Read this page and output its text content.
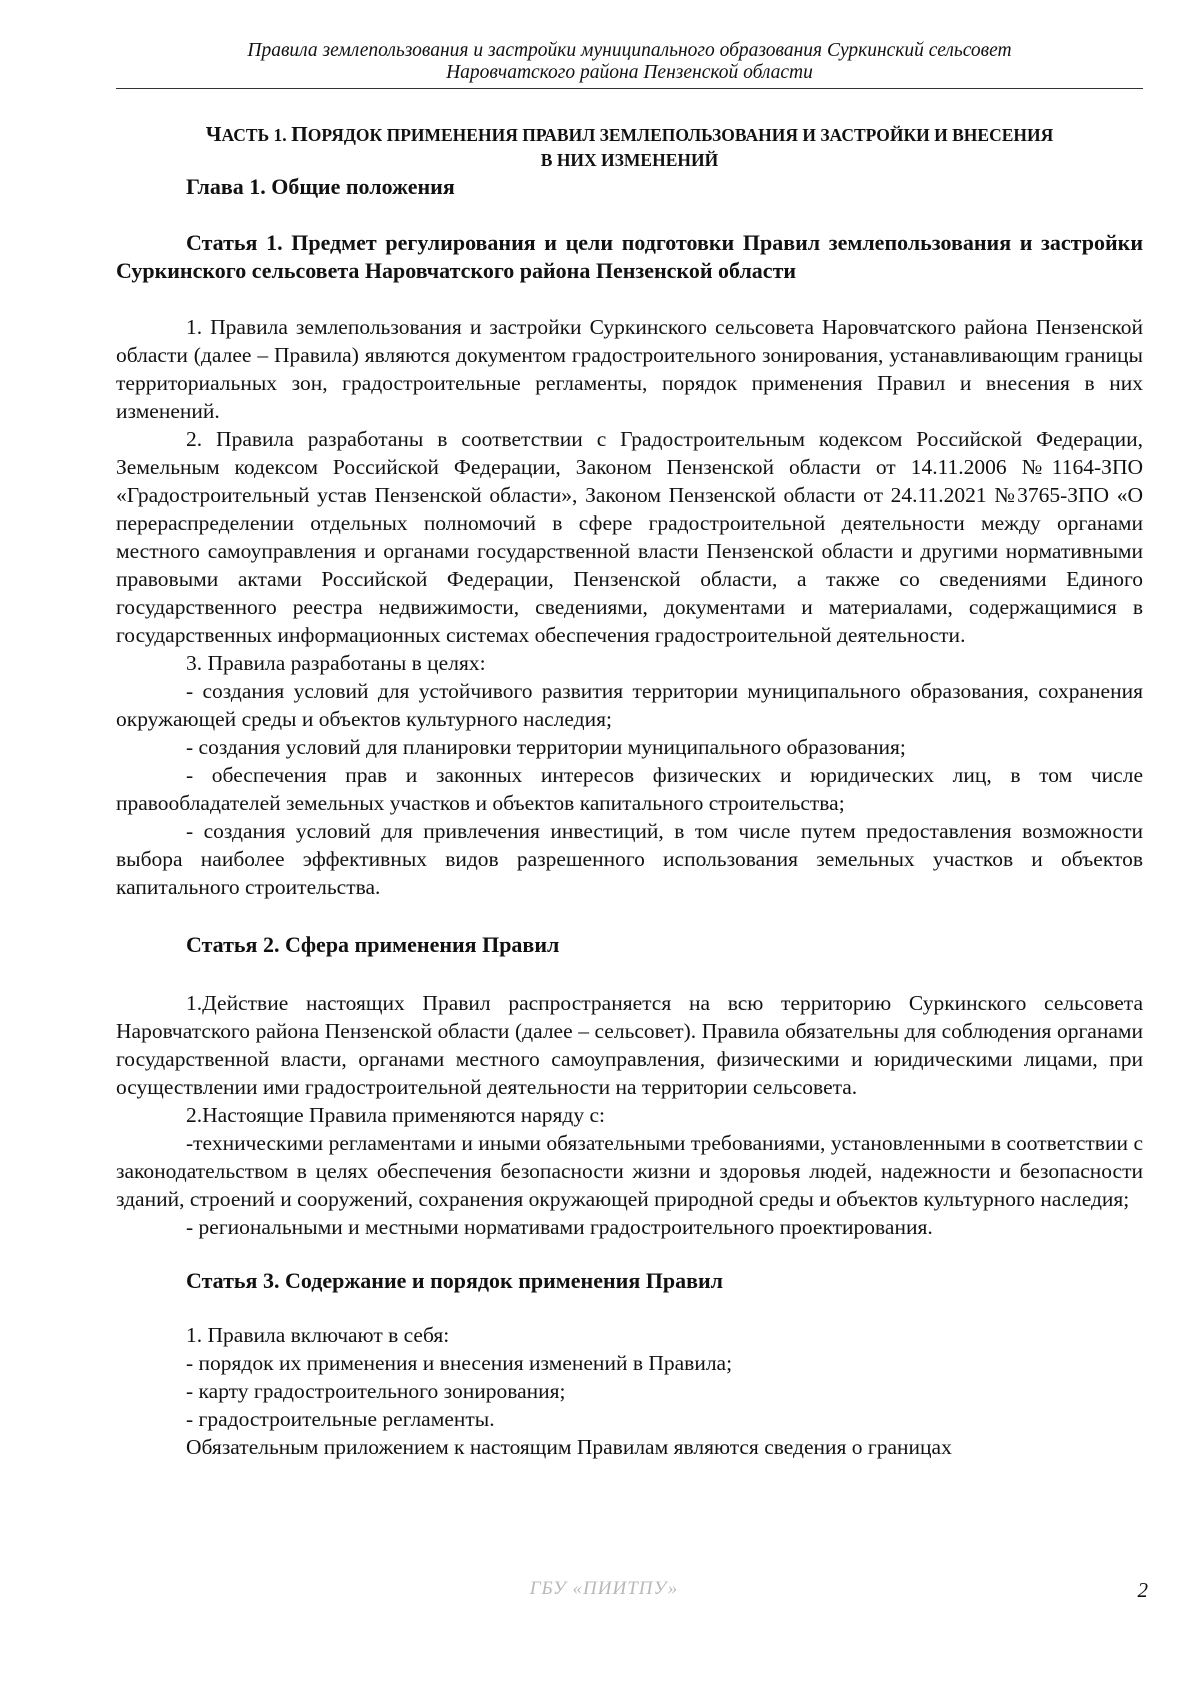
Правила землепользования и застройки муниципального образования Суркинский сельсовет
Наровчатского района Пензенской области

ЧАСТЬ 1. ПОРЯДОК ПРИМЕНЕНИЯ ПРАВИЛ ЗЕМЛЕПОЛЬЗОВАНИЯ И ЗАСТРОЙКИ И ВНЕСЕНИЯ
В НИХ ИЗМЕНЕНИЙ

Глава 1. Общие положения

Статья 1. Предмет регулирования и цели подготовки Правил землепользования и застройки Суркинского сельсовета Наровчатского района Пензенской области

1. Правила землепользования и застройки Суркинского сельсовета Наровчатского района Пензенской области (далее – Правила) являются документом градостроительного зонирования, устанавливающим границы территориальных зон, градостроительные регламенты, порядок применения Правил и внесения в них изменений.

2. Правила разработаны в соответствии с Градостроительным кодексом Российской Федерации, Земельным кодексом Российской Федерации, Законом Пензенской области от 14.11.2006 №1164-ЗПО «Градостроительный устав Пензенской области», Законом Пензенской области от 24.11.2021 №3765-ЗПО «О перераспределении отдельных полномочий в сфере градостроительной деятельности между органами местного самоуправления и органами государственной власти Пензенской области и другими нормативными правовыми актами Российской Федерации, Пензенской области, а также со сведениями Единого государственного реестра недвижимости, сведениями, документами и материалами, содержащимися в государственных информационных системах обеспечения градостроительной деятельности.

3. Правила разработаны в целях:

- создания условий для устойчивого развития территории муниципального образования, сохранения окружающей среды и объектов культурного наследия;

- создания условий для планировки территории муниципального образования;

- обеспечения прав и законных интересов физических и юридических лиц, в том числе правообладателей земельных участков и объектов капитального строительства;

- создания условий для привлечения инвестиций, в том числе путем предоставления возможности выбора наиболее эффективных видов разрешенного использования земельных участков и объектов капитального строительства.

Статья 2. Сфера применения Правил

1.Действие настоящих Правил распространяется на всю территорию Суркинского сельсовета Наровчатского района Пензенской области (далее – сельсовет). Правила обязательны для соблюдения органами государственной власти, органами местного самоуправления, физическими и юридическими лицами, при осуществлении ими градостроительной деятельности на территории сельсовета.

2.Настоящие Правила применяются наряду с:

-техническими регламентами и иными обязательными требованиями, установленными в соответствии с законодательством в целях обеспечения безопасности жизни и здоровья людей, надежности и безопасности зданий, строений и сооружений, сохранения окружающей природной среды и объектов культурного наследия;

- региональными и местными нормативами градостроительного проектирования.

Статья 3. Содержание и порядок применения Правил

1. Правила включают в себя:

- порядок их применения и внесения изменений в Правила;

- карту градостроительного зонирования;

- градостроительные регламенты.

Обязательным приложением к настоящим Правилам являются сведения о границах

ГБУ «ПИИТПУ»	2
